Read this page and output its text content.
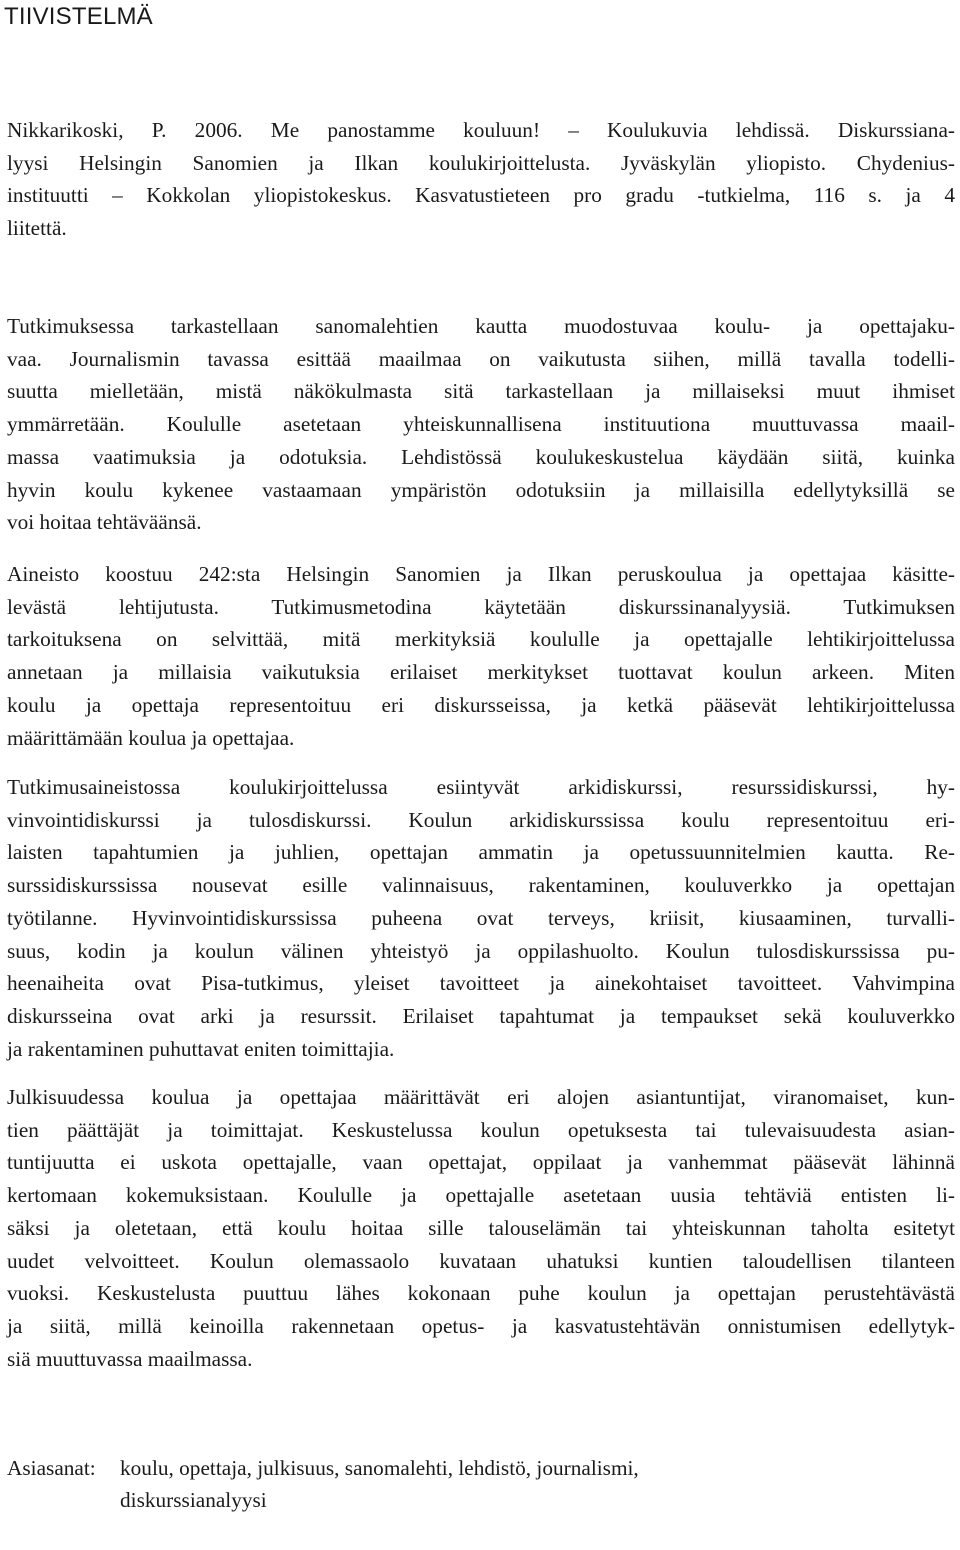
TIIVISTELMÄ

Nikkarikoski, P. 2006. Me panostamme kouluun! – Koulukuvia lehdissä. Diskurssiana-
lyysi Helsingin Sanomien ja Ilkan koulukirjoittelusta. Jyväskylän yliopisto. Chydenius-
instituutti – Kokkolan yliopistokeskus. Kasvatustieteen pro gradu -tutkielma, 116 s. ja 4
liitettä.

Tutkimuksessa tarkastellaan sanomalehtien kautta muodostuvaa koulu- ja opettajaku-
vaa. Journalismin tavassa esittää maailmaa on vaikutusta siihen, millä tavalla todelli-
suutta mielletään, mistä näkökulmasta sitä tarkastellaan ja millaiseksi muut ihmiset
ymmärretään. Koululle asetetaan yhteiskunnallisena instituutiona muuttuvassa maail-
massa vaatimuksia ja odotuksia. Lehdistössä koulukeskustelua käydään siitä, kuinka
hyvin koulu kykenee vastaamaan ympäristön odotuksiin ja millaisilla edellytyksillä se
voi hoitaa tehtäväänsä.

Aineisto koostuu 242:sta Helsingin Sanomien ja Ilkan peruskoulua ja opettajaa käsitte-
levästä lehtijutusta. Tutkimusmetodina käytetään diskurssinanalyysiä. Tutkimuksen
tarkoituksena on selvittää, mitä merkityksiä koululle ja opettajalle lehtikirjoittelussa
annetaan ja millaisia vaikutuksia erilaiset merkitykset tuottavat koulun arkeen. Miten
koulu ja opettaja representoituu eri diskursseissa, ja ketkä pääsevät lehtikirjoittelussa
määrittämään koulua ja opettajaa.

Tutkimusaineistossa koulukirjoittelussa esiintyvät arkidiskurssi, resurssidiskurssi, hy-
vinvointidiskurssi ja tulosdiskurssi. Koulun arkidiskurssissa koulu representoituu eri-
laisten tapahtumien ja juhlien, opettajan ammatin ja opetussuunnitelmien kautta. Re-
surssidiskurssissa nousevat esille valinnaisuus, rakentaminen, kouluverkko ja opettajan
työtilanne. Hyvinvointidiskurssissa puheena ovat terveys, kriisit, kiusaaminen, turvalli-
suus, kodin ja koulun välinen yhteistyö ja oppilashuolto. Koulun tulosdiskurssissa pu-
heenaiheita ovat Pisa-tutkimus, yleiset tavoitteet ja ainekohtaiset tavoitteet. Vahvimpina
diskursseina ovat arki ja resurssit. Erilaiset tapahtumat ja tempaukset sekä kouluverkko
ja rakentaminen puhuttavat eniten toimittajia.

Julkisuudessa koulua ja opettajaa määrittävät eri alojen asiantuntijat, viranomaiset, kun-
tien päättäjät ja toimittajat. Keskustelussa koulun opetuksesta tai tulevaisuudesta asian-
tuntijuutta ei uskota opettajalle, vaan opettajat, oppilaat ja vanhemmat pääsevät lähinnä
kertomaan kokemuksistaan. Koululle ja opettajalle asetetaan uusia tehtäviä entisten li-
säksi ja oletetaan, että koulu hoitaa sille talouselämän tai yhteiskunnan taholta esitetyt
uudet velvoitteet. Koulun olemassaolo kuvataan uhatuksi kuntien taloudellisen tilanteen
vuoksi. Keskustelusta puuttuu lähes kokonaan puhe koulun ja opettajan perustehtävästä
ja siitä, millä keinoilla rakennetaan opetus- ja kasvatustehtävän onnistumisen edellytyk-
siä muuttuvassa maailmassa.

Asiasanat:	koulu, opettaja, julkisuus, sanomalehti, lehdistö, journalismi,
diskurssianalyysi
